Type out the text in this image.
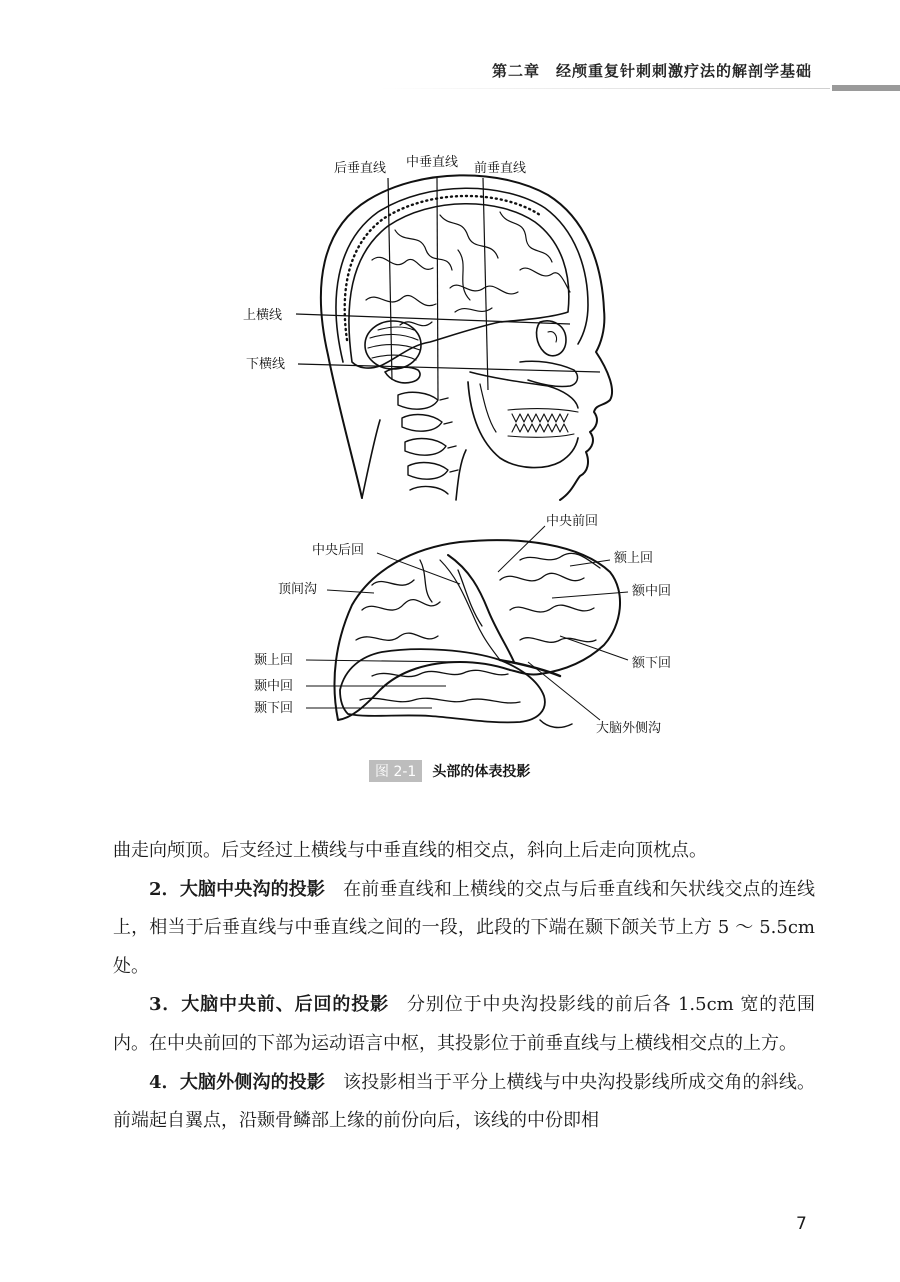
第二章　经颅重复针刺刺激疗法的解剖学基础
后垂直线 中垂直线 前垂直线
上横线
下横线
中央前回
中央后回
额上回
顶间沟	额中回
额下回
颞上回
颞中回
颞下回
大脑外侧沟
图 2-1	头部的体表投影

曲走向颅顶。后支经过上横线与中垂直线的相交点，斜向上后走向顶枕点。

2．大脑中央沟的投影 在前垂直线和上横线的交点与后垂直线和矢状线交点的连线上，相当于后垂直线与中垂直线之间的一段，此段的下端在颞下颌关节上方 5 ～ 5.5cm 处。

3．大脑中央前、后回的投影 分别位于中央沟投影线的前后各 1.5cm 宽的范围内。在中央前回的下部为运动语言中枢，其投影位于前垂直线与上横线相交点的上方。

4．大脑外侧沟的投影 该投影相当于平分上横线与中央沟投影线所成交角的斜线。前端起自翼点，沿颞骨鳞部上缘的前份向后，该线的中份即相

7
